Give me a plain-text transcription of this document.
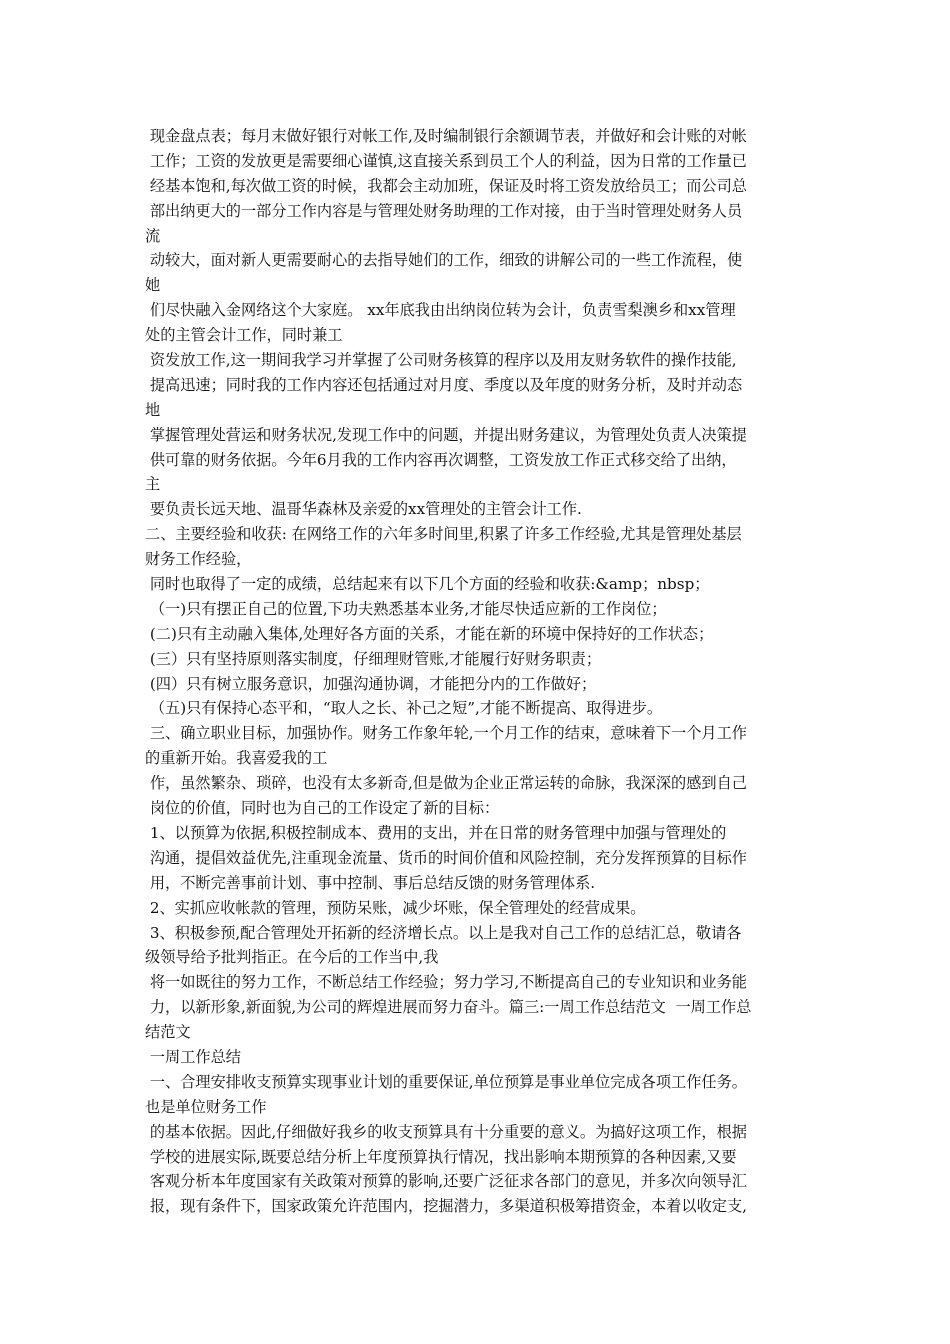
现金盘点表；每月末做好银行对帐工作,及时编制银行余额调节表，并做好和会计账的对帐
工作；工资的发放更是需要细心谨慎,这直接关系到员工个人的利益，因为日常的工作量已
经基本饱和,每次做工资的时候，我都会主动加班，保证及时将工资发放给员工；而公司总
部出纳更大的一部分工作内容是与管理处财务助理的工作对接，由于当时管理处财务人员
流
动较大，面对新人更需要耐心的去指导她们的工作，细致的讲解公司的一些工作流程，使
她
们尽快融入金网络这个大家庭。 xx年底我由出纳岗位转为会计，负责雪梨澳乡和xx管理
处的主管会计工作，同时兼工
资发放工作,这一期间我学习并掌握了公司财务核算的程序以及用友财务软件的操作技能,
提高迅速；同时我的工作内容还包括通过对月度、季度以及年度的财务分析，及时并动态
地
掌握管理处营运和财务状况,发现工作中的问题，并提出财务建议，为管理处负责人决策提
供可靠的财务依据。今年6月我的工作内容再次调整，工资发放工作正式移交给了出纳，
主
要负责长远天地、温哥华森林及亲爱的xx管理处的主管会计工作.
二、主要经验和收获: 在网络工作的六年多时间里,积累了许多工作经验,尤其是管理处基层
财务工作经验，
同时也取得了一定的成绩，总结起来有以下几个方面的经验和收获:&amp；nbsp；
（一)只有摆正自己的位置,下功夫熟悉基本业务,才能尽快适应新的工作岗位；
(二)只有主动融入集体,处理好各方面的关系，才能在新的环境中保持好的工作状态；
(三）只有坚持原则落实制度，仔细理财管账,才能履行好财务职责；
(四）只有树立服务意识，加强沟通协调，才能把分内的工作做好；
（五)只有保持心态平和，“取人之长、补己之短”,才能不断提高、取得进步。
三、确立职业目标，加强协作。财务工作象年轮,一个月工作的结束，意味着下一个月工作
的重新开始。我喜爱我的工
作，虽然繁杂、琐碎，也没有太多新奇,但是做为企业正常运转的命脉，我深深的感到自己
岗位的价值，同时也为自己的工作设定了新的目标：
1、以预算为依据,积极控制成本、费用的支出，并在日常的财务管理中加强与管理处的
沟通，提倡效益优先,注重现金流量、货币的时间价值和风险控制，充分发挥预算的目标作
用，不断完善事前计划、事中控制、事后总结反馈的财务管理体系.
2、实抓应收帐款的管理，预防呆账，减少坏账，保全管理处的经营成果。
3、积极参预,配合管理处开拓新的经济增长点。以上是我对自己工作的总结汇总，敬请各
级领导给予批判指正。在今后的工作当中,我
将一如既往的努力工作，不断总结工作经验；努力学习,不断提高自己的专业知识和业务能
力，以新形象,新面貌,为公司的辉煌进展而努力奋斗。篇三:一周工作总结范文  一周工作总
结范文
一周工作总结
一、合理安排收支预算实现事业计划的重要保证,单位预算是事业单位完成各项工作任务。
也是单位财务工作
的基本依据。因此,仔细做好我乡的收支预算具有十分重要的意义。为搞好这项工作，根据
学校的进展实际,既要总结分析上年度预算执行情况，找出影响本期预算的各种因素,又要
客观分析本年度国家有关政策对预算的影响,还要广泛征求各部门的意见，并多次向领导汇
报，现有条件下，国家政策允许范围内，挖掘潜力，多渠道积极筹措资金，本着以收定支,
